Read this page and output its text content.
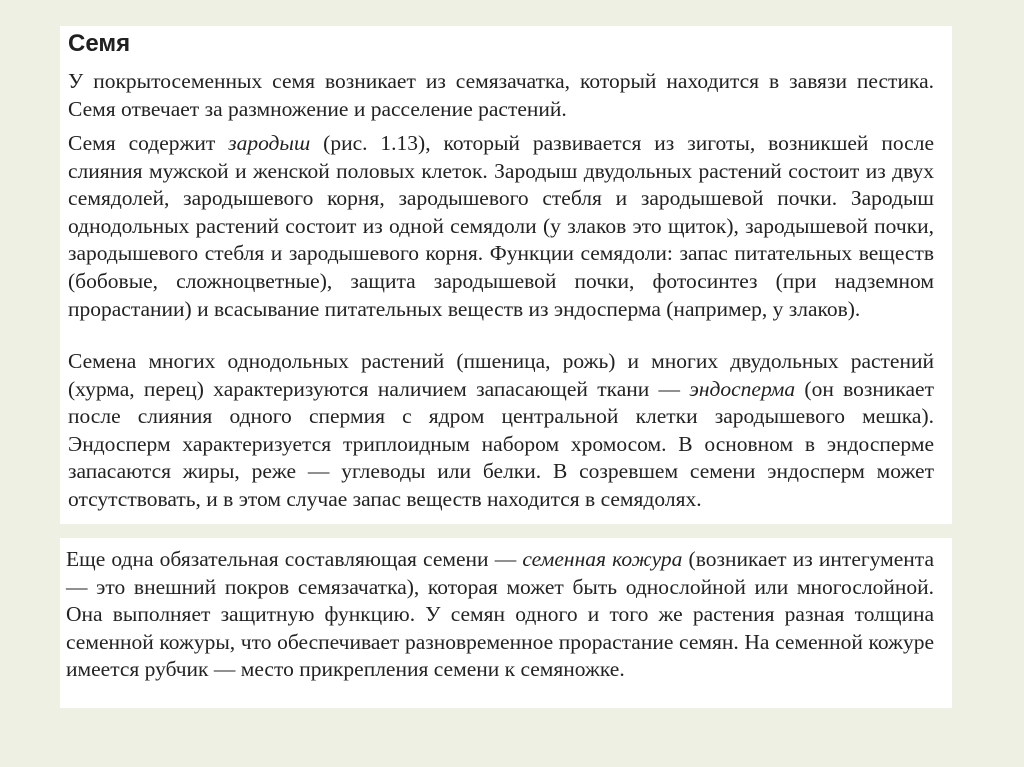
Семя

У покрытосеменных семя возникает из семязачатка, который находится в завязи пестика. Семя отвечает за размножение и расселение растений.

Семя содержит зародыш (рис. 1.13), который развивается из зиготы, возникшей после слияния мужской и женской половых клеток. Зародыш двудольных растений состоит из двух семядолей, зародышевого корня, зародышевого стебля и зародышевой почки. Зародыш однодольных растений состоит из одной семядоли (у злаков это щиток), зародышевой почки, зародышевого стебля и зародышевого корня. Функции семядоли: запас питательных веществ (бобовые, сложноцветные), защита зародышевой почки, фотосинтез (при надземном прорастании) и всасывание питательных веществ из эндосперма (например, у злаков).

Семена многих однодольных растений (пшеница, рожь) и многих двудольных растений (хурма, перец) характеризуются наличием запасающей ткани — эндосперма (он возникает после слияния одного спермия с ядром центральной клетки зародышевого мешка). Эндосперм характеризуется триплоидным набором хромосом. В основном в эндосперме запасаются жиры, реже — углеводы или белки. В созревшем семени эндосперм может отсутствовать, и в этом случае запас веществ находится в семядолях.

Еще одна обязательная составляющая семени — семенная кожура (возникает из интегумента — это внешний покров семязачатка), которая может быть однослойной или многослойной. Она выполняет защитную функцию. У семян одного и того же растения разная толщина семенной кожуры, что обеспечивает разновременное прорастание семян. На семенной кожуре имеется рубчик — место прикрепления семени к семяножке.
